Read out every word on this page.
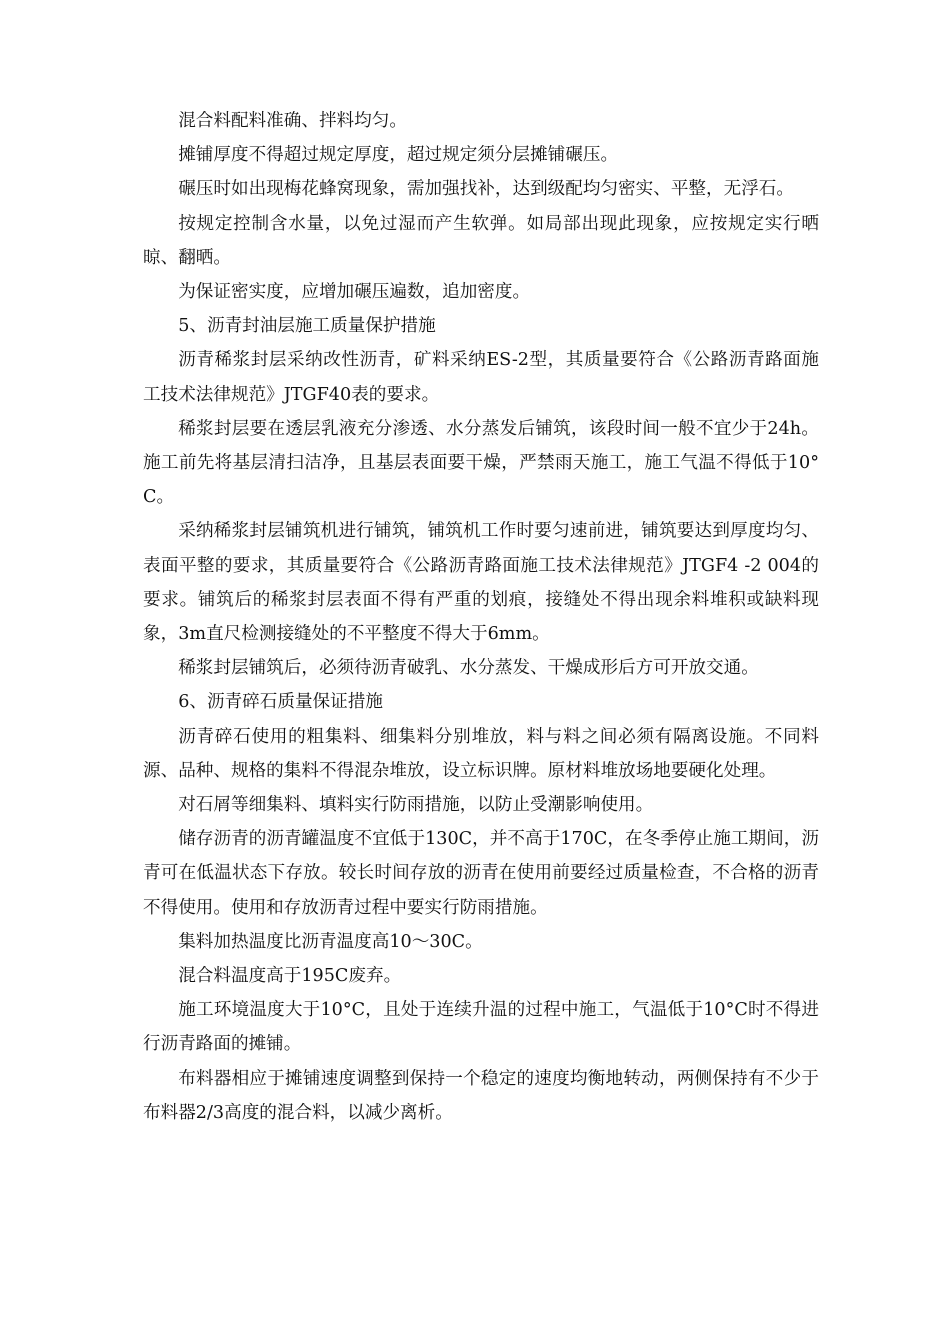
混合料配料准确、拌料均匀。

摊铺厚度不得超过规定厚度，超过规定须分层摊铺碾压。

碾压时如出现梅花蜂窝现象，需加强找补，达到级配均匀密实、平整，无浮石。

按规定控制含水量，以免过湿而产生软弹。如局部出现此现象，应按规定实行晒晾、翻晒。

为保证密实度，应增加碾压遍数，追加密度。

5、沥青封油层施工质量保护措施

沥青稀浆封层采纳改性沥青，矿料采纳ES-2型，其质量要符合《公路沥青路面施工技术法律规范》JTGF40表的要求。

稀浆封层要在透层乳液充分渗透、水分蒸发后铺筑，该段时间一般不宜少于24h。施工前先将基层清扫洁净，且基层表面要干燥，严禁雨天施工，施工气温不得低于10°C。

采纳稀浆封层铺筑机进行铺筑，铺筑机工作时要匀速前进，铺筑要达到厚度均匀、表面平整的要求，其质量要符合《公路沥青路面施工技术法律规范》JTGF4 -2 004的要求。铺筑后的稀浆封层表面不得有严重的划痕，接缝处不得出现余料堆积或缺料现象，3m直尺检测接缝处的不平整度不得大于6mm。

稀浆封层铺筑后，必须待沥青破乳、水分蒸发、干燥成形后方可开放交通。

6、沥青碎石质量保证措施

沥青碎石使用的粗集料、细集料分别堆放，料与料之间必须有隔离设施。不同料源、品种、规格的集料不得混杂堆放，设立标识牌。原材料堆放场地要硬化处理。

对石屑等细集料、填料实行防雨措施，以防止受潮影响使用。

储存沥青的沥青罐温度不宜低于130C，并不高于170C，在冬季停止施工期间，沥青可在低温状态下存放。较长时间存放的沥青在使用前要经过质量检查，不合格的沥青不得使用。使用和存放沥青过程中要实行防雨措施。

集料加热温度比沥青温度高10〜30C。

混合料温度高于195C废弃。

施工环境温度大于10°C，且处于连续升温的过程中施工，气温低于10°C时不得进行沥青路面的摊铺。

布料器相应于摊铺速度调整到保持一个稳定的速度均衡地转动，两侧保持有不少于布料器2/3高度的混合料，以减少离析。
